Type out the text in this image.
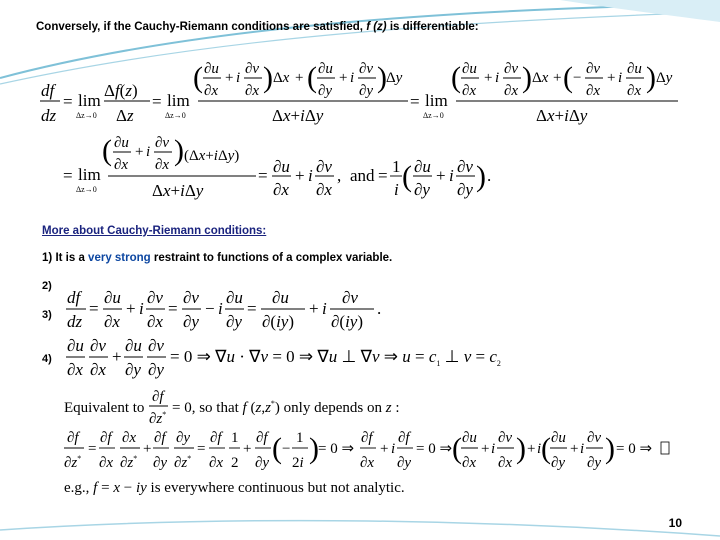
Conversely, if the Cauchy-Riemann conditions are satisfied, f (z) is differentiable:
df
dz
= lim
Δz→0
Δf(z)
Δz
= lim
Δz→0
( ∂u
∂x
+ i
∂v
∂x ) Δx + ( ∂u
∂y
+ i
∂v
∂y ) Δy
Δx+iΔy
= lim
Δz→0
( ∂u
∂x
+ i
∂v
∂x ) Δx + ( −
∂v
∂x
+ i
∂u
∂x ) Δy
Δx+iΔy
= lim
Δz→0
( ∂u
∂x
+ i
∂v
∂x ) (Δx+iΔy)
Δx+iΔy
= ∂u
∂x
+ i ∂v
∂x
, and = 1
i ( ∂u
∂y
+ i ∂v
∂y ) .
df
dz
=
∂u
∂x
+ i
∂v
∂x
=
∂v
∂y
− i
∂u
∂y
=
∂u
∂(iy)
+ i
∂v
∂(iy)
.
∂u
∂x
∂v
∂x
+
∂u
∂y
∂v
∂y
= 0 ⇒ ∇u · ∇v = 0 ⇒ ∇u ⊥ ∇v ⇒ $u = c_1$ ⊥ $v = c_2$
Equivalent to
∂f
∂z* = 0, so that f (z,z*) only depends on z :
∂f
∂z*
=
∂f
∂x
∂x
∂z*
+
∂f
∂y
∂y
∂z*
=
∂f
∂x
1
2
+
∂f
∂y ( −
1
2i ) = 0 ⇒
∂f
∂x
+ i
∂f
∂y
= 0 ⇒ ( ∂u
∂x
+ i
∂v
∂x ) + i ( ∂u
∂y
+ i
∂v
∂y ) = 0 ⇒
e.g., f = x − iy is everywhere continuous but not analytic.
More about Cauchy-Riemann conditions:
1) It is a very strong restraint to functions of a complex variable.
2)
3)
4)
10
